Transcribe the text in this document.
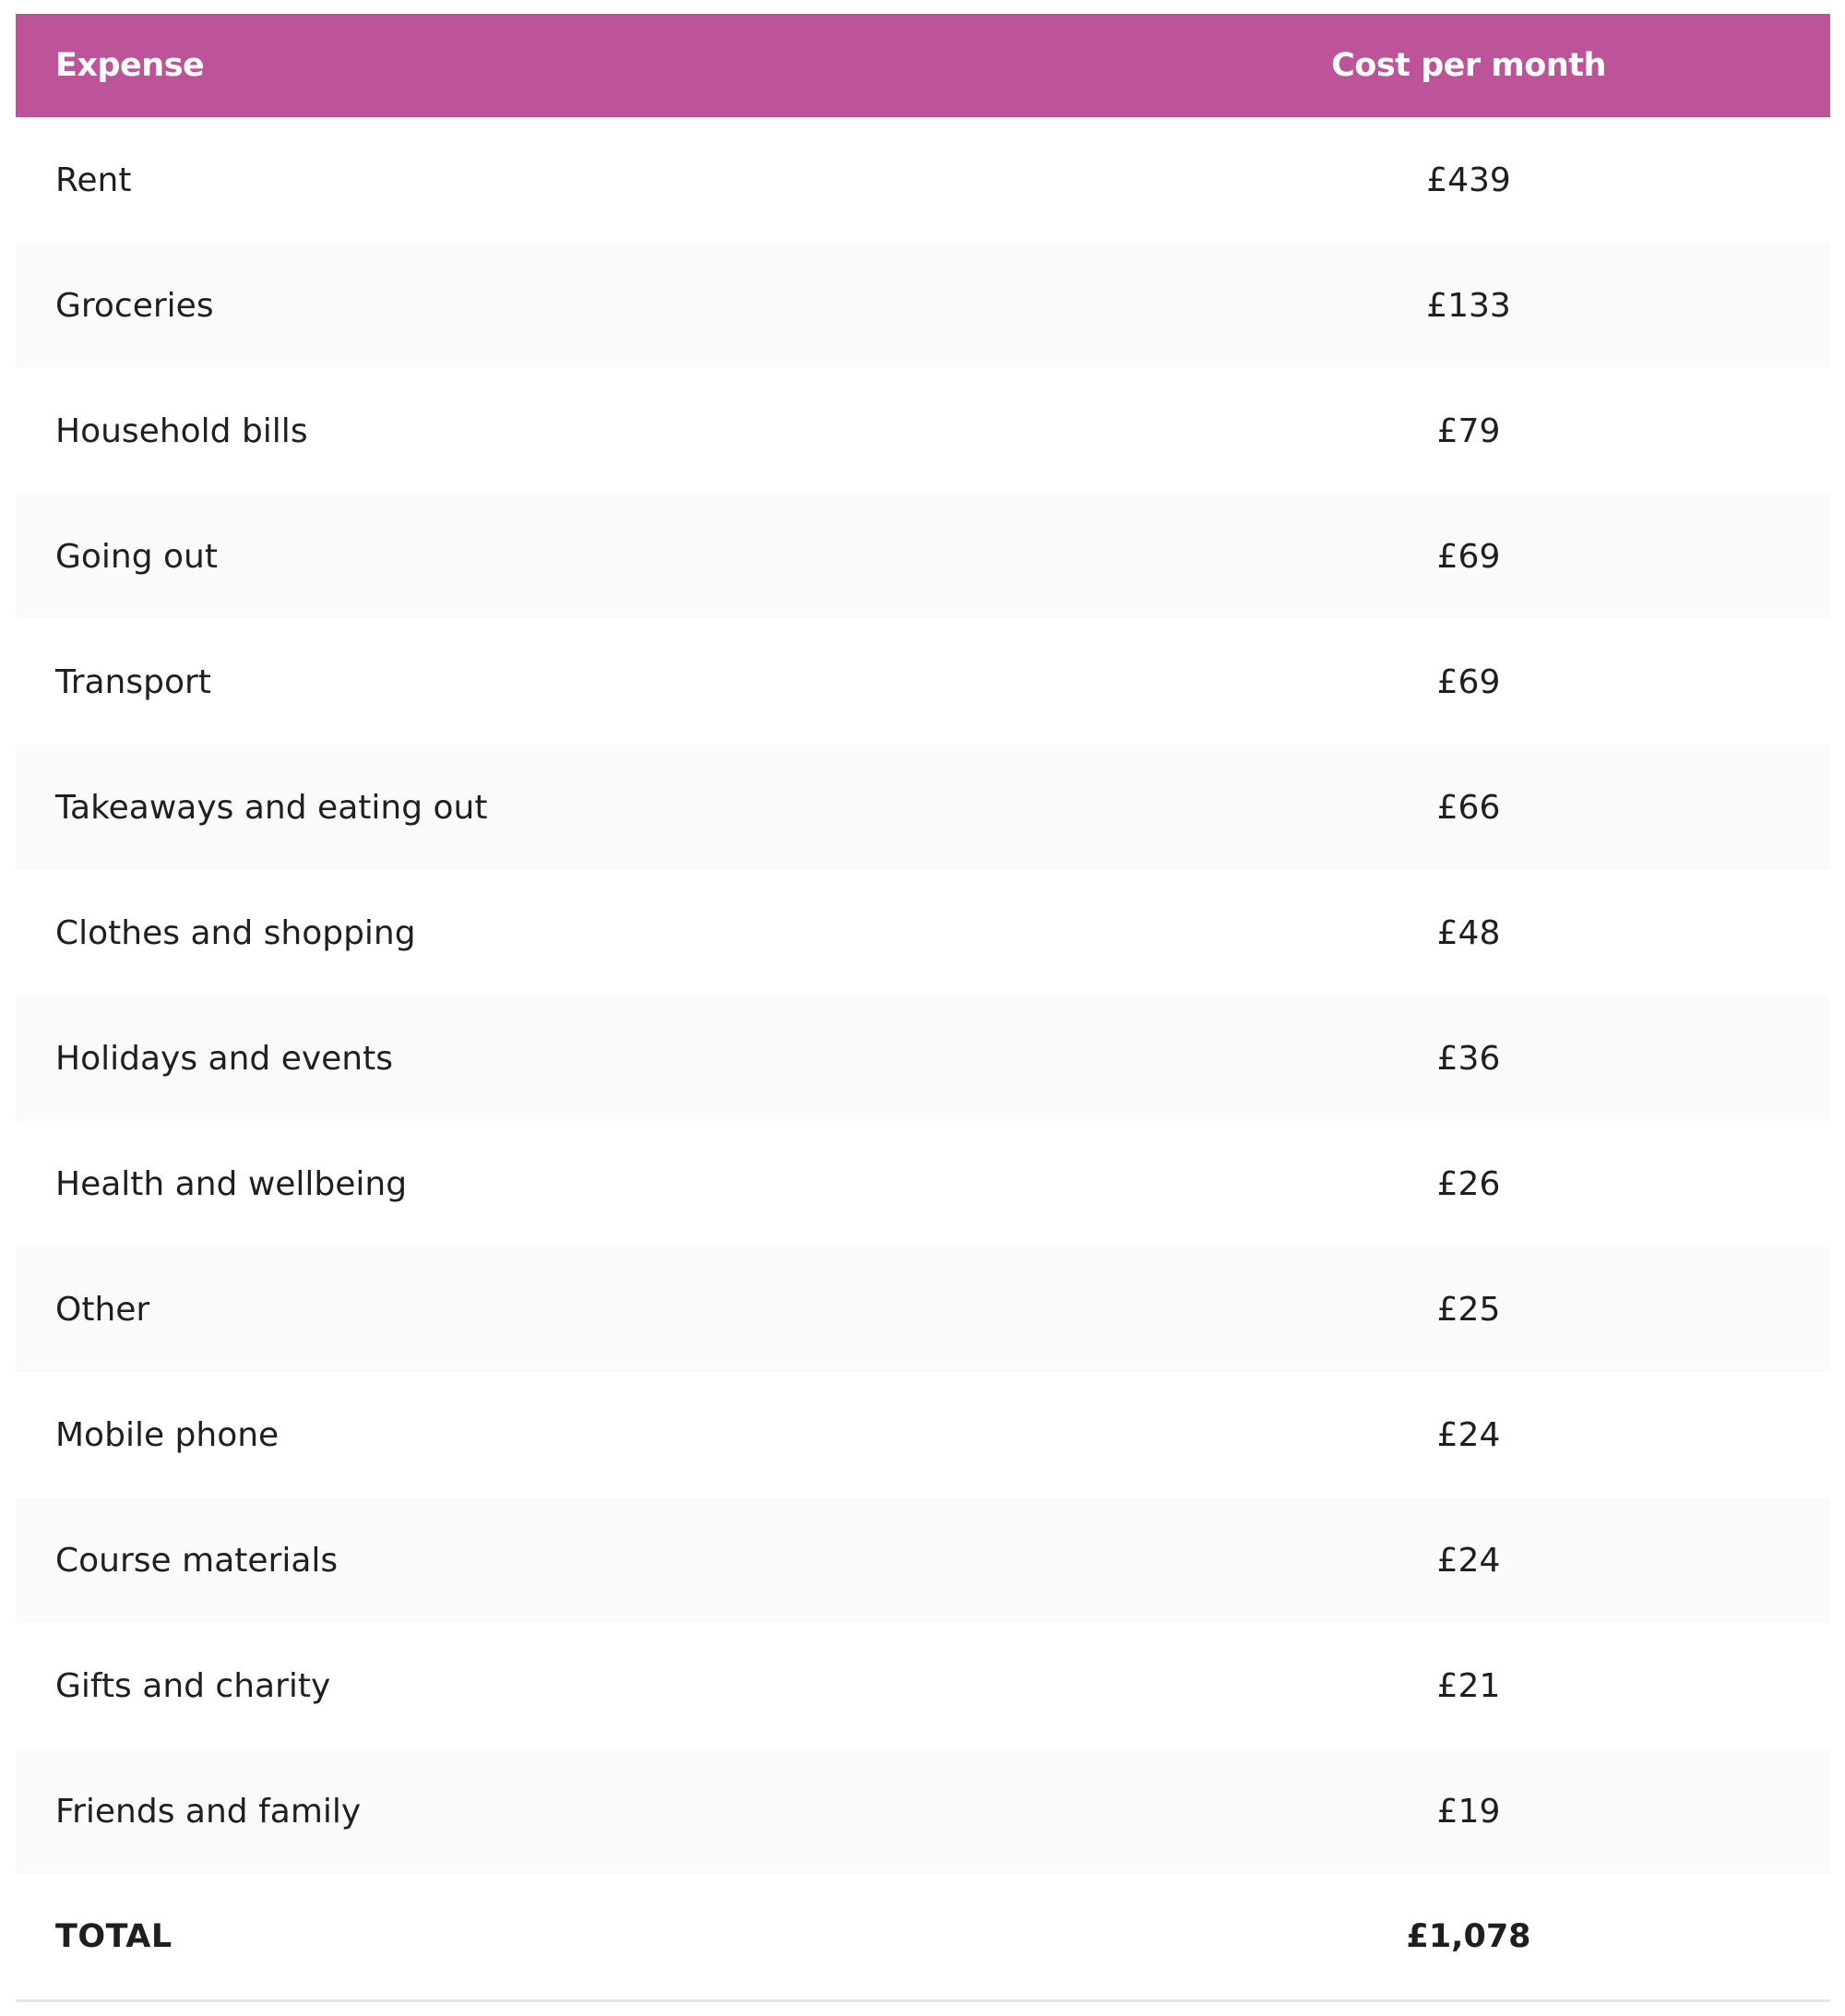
Expense	Cost per month
Rent	£439
Groceries	£133
Household bills	£79
Going out	£69
Transport	£69
Takeaways and eating out	£66
Clothes and shopping	£48
Holidays and events	£36
Health and wellbeing	£26
Other	£25
Mobile phone	£24
Course materials	£24
Gifts and charity	£21
Friends and family	£19
TOTAL	£1,078
